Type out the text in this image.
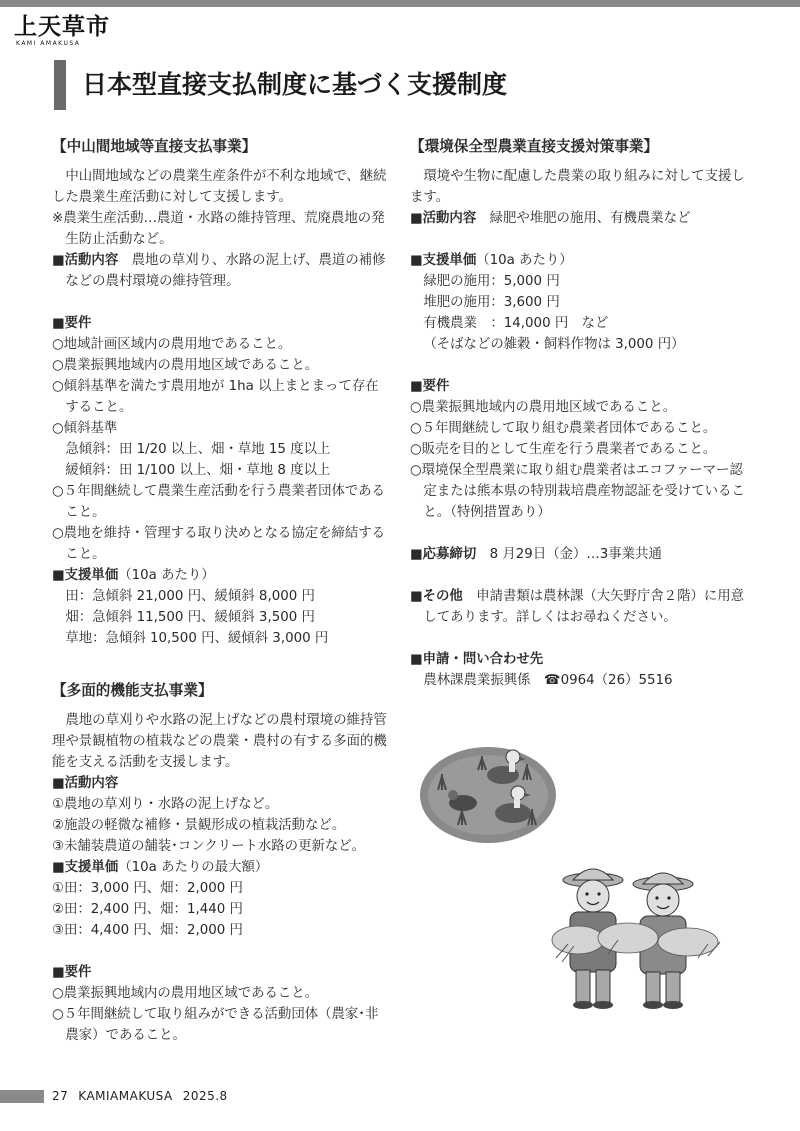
上天草市
KAMI AMAKUSA
日本型直接支払制度に基づく支援制度
【中山間地域等直接支払事業】

中山間地域などの農業生産条件が不利な地域で、継続した農業生産活動に対して支援します。

※農業生産活動…農道・水路の維持管理、荒廃農地の発生防止活動など。

■活動内容　 農地の草刈り、水路の泥上げ、農道の補修などの農村環境の維持管理。

■要件

○地域計画区域内の農用地であること。

○農業振興地域内の農用地区域であること。

○傾斜基準を満たす農用地が 1ha 以上まとまって存在すること。

○傾斜基準

急傾斜：田 1/20 以上、畑・草地 15 度以上

緩傾斜：田 1/100 以上、畑・草地 8 度以上

○５年間継続して農業生産活動を行う農業者団体であること。

○農地を維持・管理する取り決めとなる協定を締結すること。

■支援単価（10a あたり）

田：急傾斜 21,000 円、緩傾斜 8,000 円

畑：急傾斜 11,500 円、緩傾斜 3,500 円

草地：急傾斜 10,500 円、緩傾斜 3,000 円

【多面的機能支払事業】

農地の草刈りや水路の泥上げなどの農村環境の維持管理や景観植物の植栽などの農業・農村の有する多面的機能を支える活動を支援します。

■活動内容

①農地の草刈り・水路の泥上げなど。

②施設の軽微な補修・景観形成の植栽活動など。

③未舗装農道の舗装･コンクリート水路の更新など。

■支援単価（10a あたりの最大額）

①田：3,000 円、畑：2,000 円

②田：2,400 円、畑：1,440 円

③田：4,400 円、畑：2,000 円

■要件

○農業振興地域内の農用地区域であること。

○５年間継続して取り組みができる活動団体（農家･非農家）であること。

【環境保全型農業直接支援対策事業】

環境や生物に配慮した農業の取り組みに対して支援します。

■活動内容　 緑肥や堆肥の施用、有機農業など

■支援単価（10a あたり）

緑肥の施用：5,000 円

堆肥の施用：3,600 円

有機農業　：14,000 円　など

（そばなどの雑穀・飼料作物は 3,000 円）

■要件

○農業振興地域内の農用地区域であること。

○５年間継続して取り組む農業者団体であること。

○販売を目的として生産を行う農業者であること。

○環境保全型農業に取り組む農業者はエコファーマー認定または熊本県の特別栽培農産物認証を受けていること。（特例措置あり）

■応募締切　 8 月29日（金）…3事業共通

■その他　 申請書類は農林課（大矢野庁舎２階）に用意してあります。詳しくはお尋ねください。

■申請・問い合わせ先

農林課農業振興係　 ☎0964（26）5516

27 KAMIAMAKUSA 2025.8
